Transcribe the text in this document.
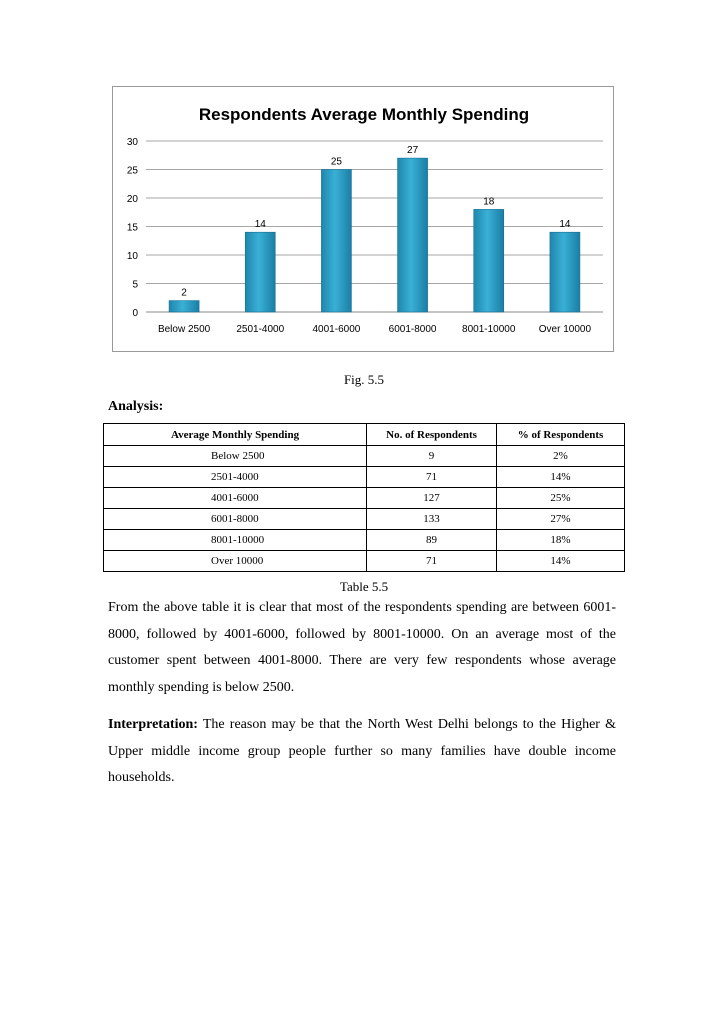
Respondents Average Monthly Spending
0
5
10
15
20
25
30
2
Below 2500
14
2501-4000
25
4001-6000
27
6001-8000
18
8001-10000
14
Over 10000
Fig. 5.5
Analysis:
Average Monthly Spending	No. of Respondents	% of Respondents
Below 2500	9	2%
2501-4000	71	14%
4001-6000	127	25%
6001-8000	133	27%
8001-10000	89	18%
Over 10000	71	14%
Table 5.5

From the above table it is clear that most of the respondents spending are between 6001-8000, followed by 4001-6000, followed by 8001-10000. On an average most of the customer spent between 4001-8000. There are very few respondents whose average monthly spending is below 2500.

Interpretation: The reason may be that the North West Delhi belongs to the Higher & Upper middle income group people further so many families have double income households.
